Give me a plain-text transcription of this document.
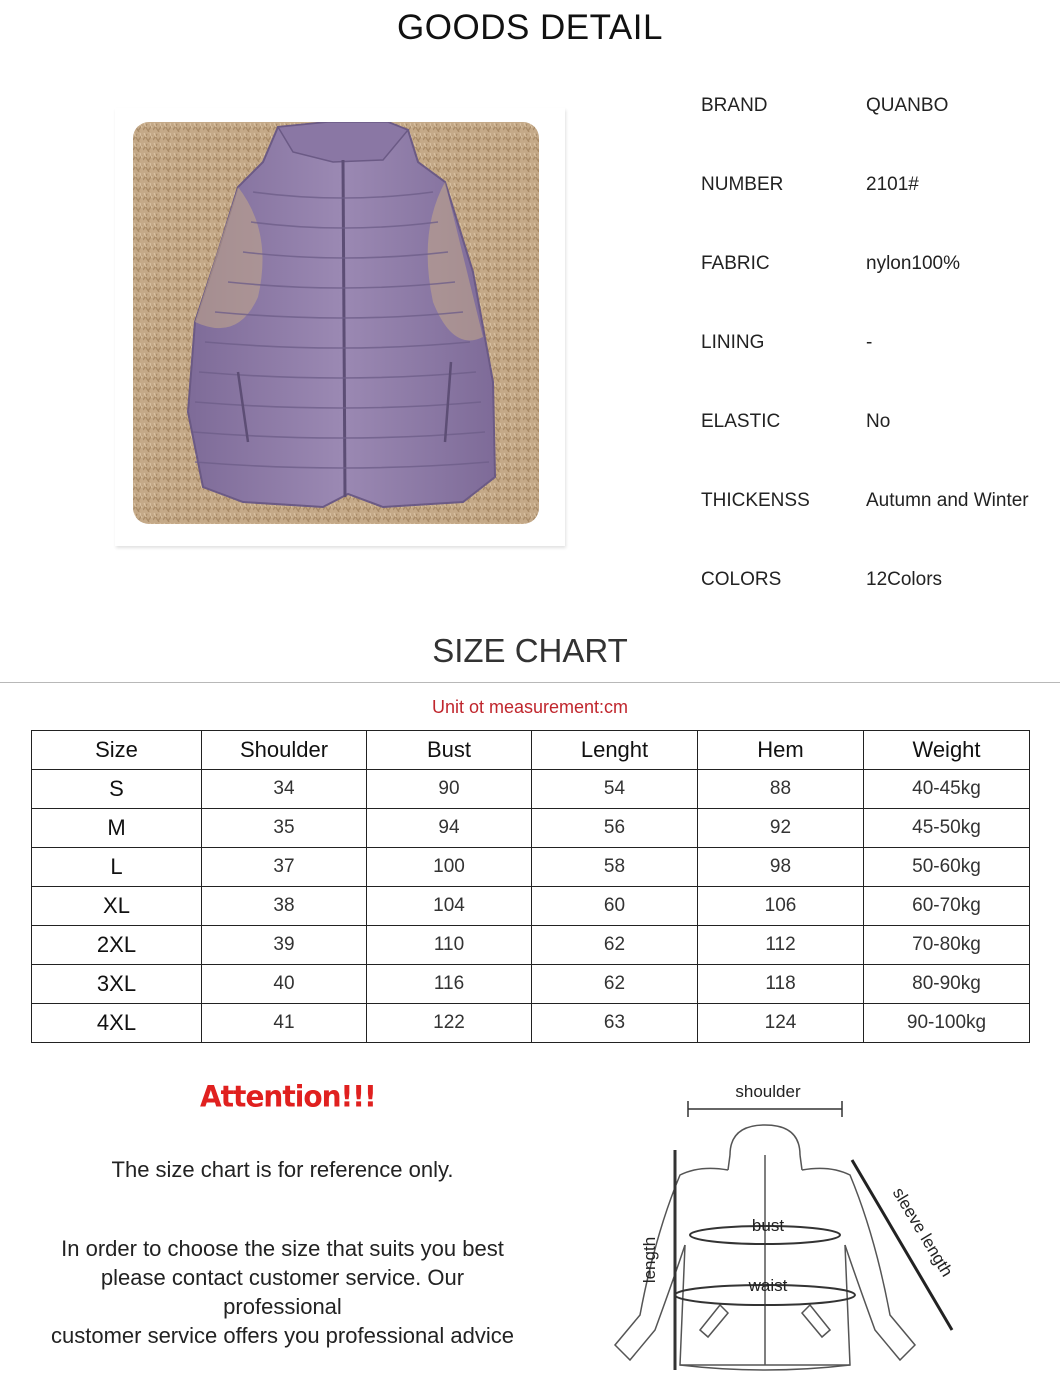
GOODS DETAIL
BRAND	QUANBO
NUMBER	2101#
FABRIC	nylon100%
LINING	-
ELASTIC	No
THICKENSS	Autumn and Winter
COLORS	12Colors
SIZE CHART
Unit ot measurement:cm
Size	Shoulder	Bust	Lenght	Hem	Weight
S	34	90	54	88	40-45kg
M	35	94	56	92	45-50kg
L	37	100	58	98	50-60kg
XL	38	104	60	106	60-70kg
2XL	39	110	62	112	70-80kg
3XL	40	116	62	118	80-90kg
4XL	41	122	63	124	90-100kg
Attention!!!
The size chart is for reference only.
In order to choose the size that suits you best
please contact customer service. Our
professional
customer service offers you professional advice
shoulder
bust
waist
length	sleeve length
